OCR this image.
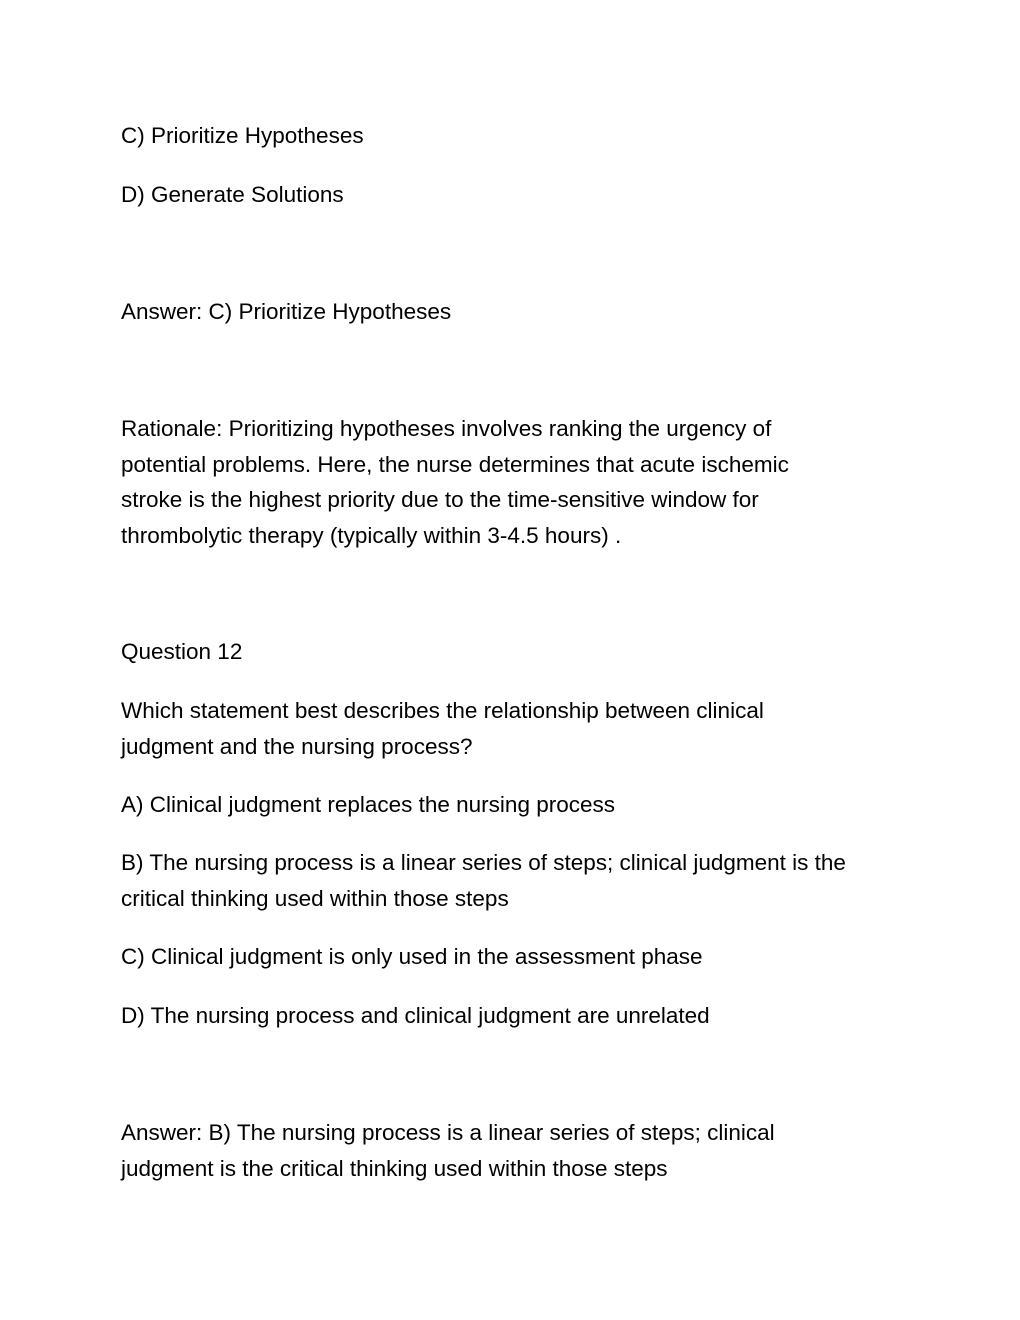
C) Prioritize Hypotheses

D) Generate Solutions

Answer: C) Prioritize Hypotheses

Rationale: Prioritizing hypotheses involves ranking the urgency of
potential problems. Here, the nurse determines that acute ischemic
stroke is the highest priority due to the time-sensitive window for
thrombolytic therapy (typically within 3-4.5 hours) .

Question 12

Which statement best describes the relationship between clinical
judgment and the nursing process?

A) Clinical judgment replaces the nursing process

B) The nursing process is a linear series of steps; clinical judgment is the
critical thinking used within those steps

C) Clinical judgment is only used in the assessment phase

D) The nursing process and clinical judgment are unrelated

Answer: B) The nursing process is a linear series of steps; clinical
judgment is the critical thinking used within those steps
